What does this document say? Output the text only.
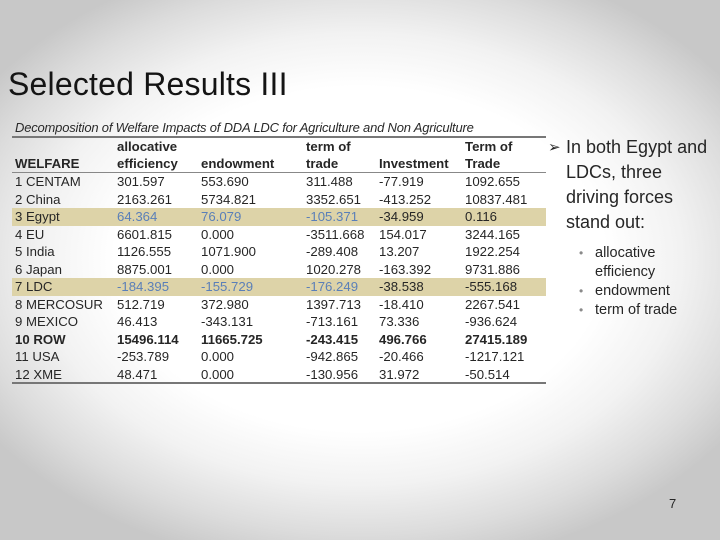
Selected Results III
Decomposition of Welfare Impacts of DDA LDC for Agriculture and Non Agriculture
	allocative		term of		Term of
WELFARE	efficiency	endowment	trade	Investment	Trade
1 CENTAM	301.597	553.690	311.488	-77.919	1092.655
2 China	2163.261	5734.821	3352.651	-413.252	10837.481
3 Egypt	64.364	76.079	-105.371	-34.959	0.116
4 EU	6601.815	0.000	-3511.668	154.017	3244.165
5 India	1126.555	1071.900	-289.408	13.207	1922.254
6 Japan	8875.001	0.000	1020.278	-163.392	9731.886
7 LDC	-184.395	-155.729	-176.249	-38.538	-555.168
8 MERCOSUR	512.719	372.980	1397.713	-18.410	2267.541
9 MEXICO	46.413	-343.131	-713.161	73.336	-936.624
10 ROW	15496.114	11665.725	-243.415	496.766	27415.189
11 USA	-253.789	0.000	-942.865	-20.466	-1217.121
12 XME	48.471	0.000	-130.956	31.972	-50.514
➢ In both Egypt and LDCs, three driving forces stand out:
• allocative efficiency
• endowment
• term of trade
7
